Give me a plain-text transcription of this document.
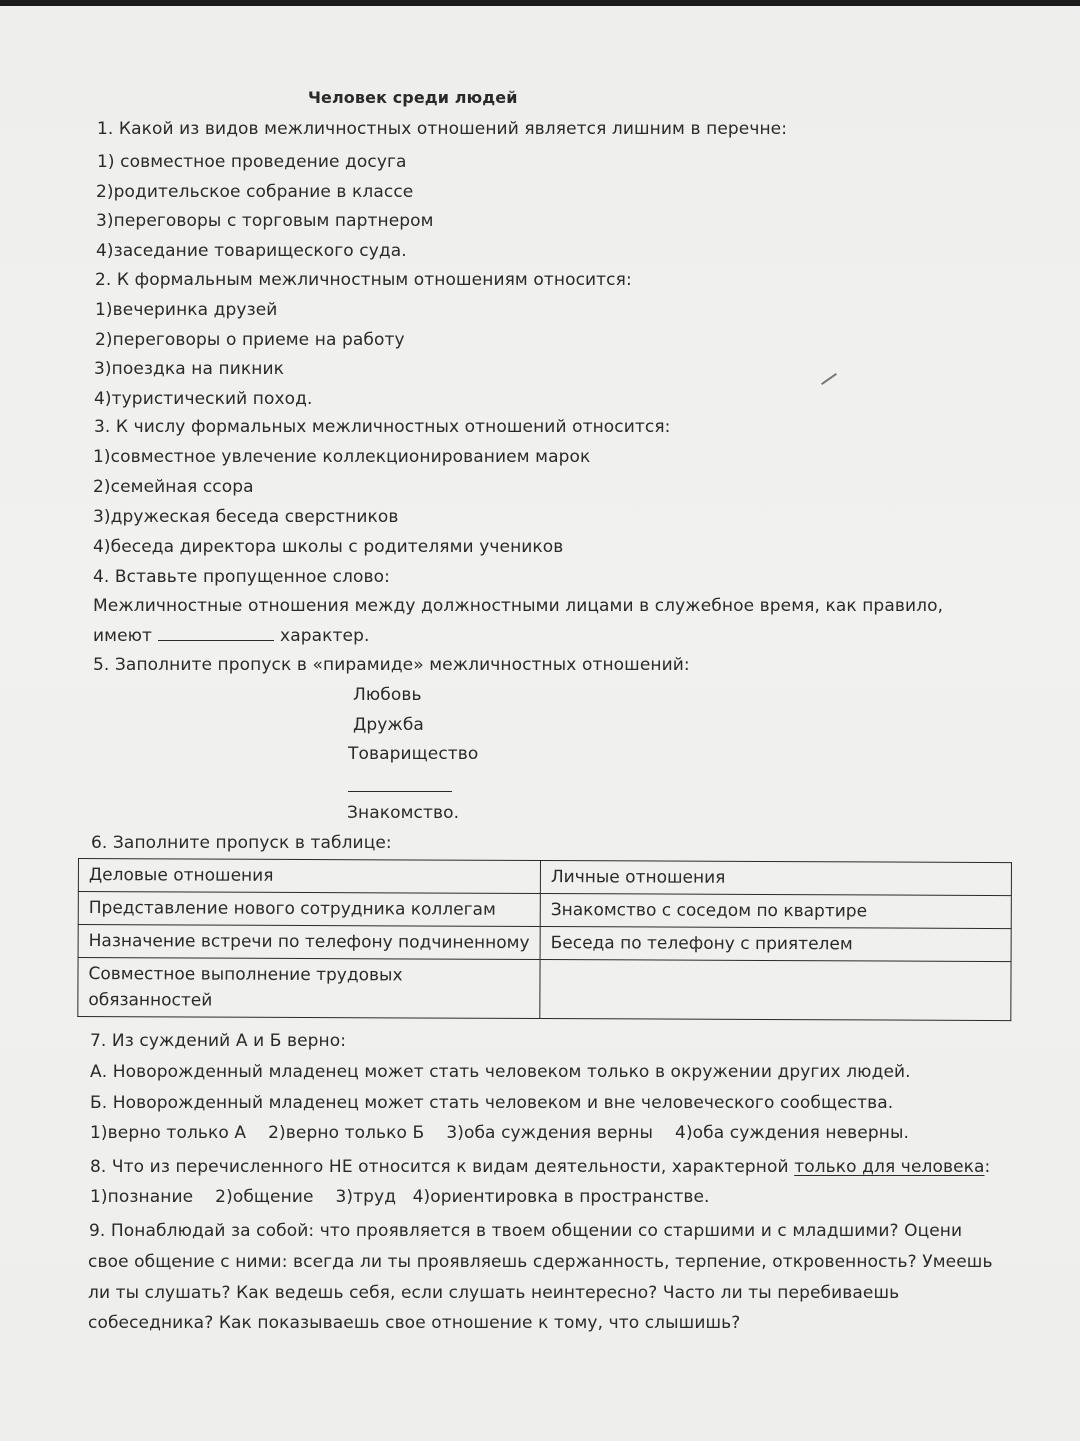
Человек среди людей
1. Какой из видов межличностных отношений является лишним в перечне:
1) совместное проведение досуга
2)родительское собрание в классе
3)переговоры с торговым партнером
4)заседание товарищеского суда.
2. К формальным межличностным отношениям относится:
1)вечеринка друзей
2)переговоры о приеме на работу
3)поездка на пикник
4)туристический поход.
3. К числу формальных межличностных отношений относится:
1)совместное увлечение коллекционированием марок
2)семейная ссора
3)дружеская беседа сверстников
4)беседа директора школы с родителями учеников
4. Вставьте пропущенное слово:
Межличностные отношения между должностными лицами в служебное время, как правило,
имеют	характер.
5. Заполните пропуск в «пирамиде» межличностных отношений:
Любовь
Дружба
Товарищество
Знакомство.
6. Заполните пропуск в таблице:
Деловые отношения	Личные отношения
Представление нового сотрудника коллегам	Знакомство с соседом по квартире
Назначение встречи по телефону подчиненному	Беседа по телефону с приятелем
Совместное выполнение трудовых обязанностей	
7. Из суждений А и Б верно:
А. Новорожденный младенец может стать человеком только в окружении других людей.
Б. Новорожденный младенец может стать человеком и вне человеческого сообщества.
1)верно только А    2)верно только Б    3)оба суждения верны    4)оба суждения неверны.
8. Что из перечисленного НЕ относится к видам деятельности, характерной только для человека:
1)познание    2)общение    3)труд   4)ориентировка в пространстве.
9. Понаблюдай за собой: что проявляется в твоем общении со старшими и с младшими? Оцени
свое общение с ними: всегда ли ты проявляешь сдержанность, терпение, откровенность? Умеешь
ли ты слушать? Как ведешь себя, если слушать неинтересно? Часто ли ты перебиваешь
собеседника? Как показываешь свое отношение к тому, что слышишь?
